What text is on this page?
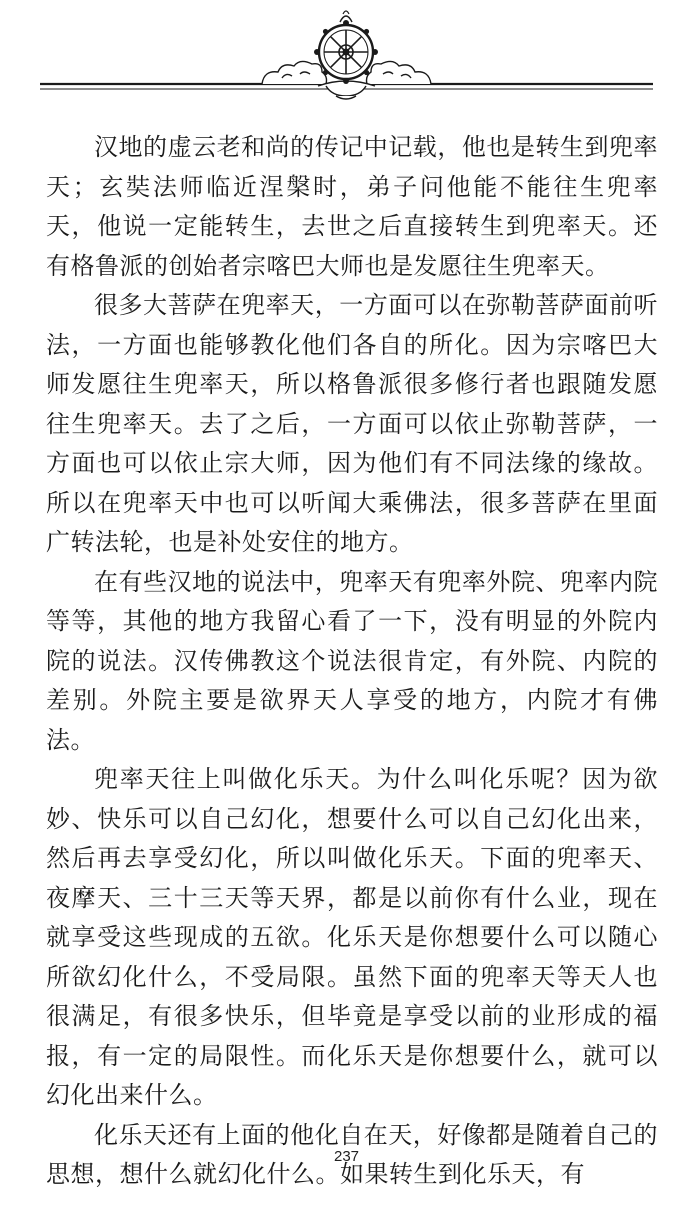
汉地的虚云老和尚的传记中记载，他也是转生到兜率天；玄奘法师临近涅槃时，弟子问他能不能往生兜率天，他说一定能转生，去世之后直接转生到兜率天。还有格鲁派的创始者宗喀巴大师也是发愿往生兜率天。

很多大菩萨在兜率天，一方面可以在弥勒菩萨面前听法，一方面也能够教化他们各自的所化。因为宗喀巴大师发愿往生兜率天，所以格鲁派很多修行者也跟随发愿往生兜率天。去了之后，一方面可以依止弥勒菩萨，一方面也可以依止宗大师，因为他们有不同法缘的缘故。所以在兜率天中也可以听闻大乘佛法，很多菩萨在里面广转法轮，也是补处安住的地方。

在有些汉地的说法中，兜率天有兜率外院、兜率内院等等，其他的地方我留心看了一下，没有明显的外院内院的说法。汉传佛教这个说法很肯定，有外院、内院的差别。外院主要是欲界天人享受的地方，内院才有佛法。

兜率天往上叫做化乐天。为什么叫化乐呢？因为欲妙、快乐可以自己幻化，想要什么可以自己幻化出来，然后再去享受幻化，所以叫做化乐天。下面的兜率天、夜摩天、三十三天等天界，都是以前你有什么业，现在就享受这些现成的五欲。化乐天是你想要什么可以随心所欲幻化什么，不受局限。虽然下面的兜率天等天人也很满足，有很多快乐，但毕竟是享受以前的业形成的福报，有一定的局限性。而化乐天是你想要什么，就可以幻化出来什么。

化乐天还有上面的他化自在天，好像都是随着自己的思想，想什么就幻化什么。如果转生到化乐天，有

237
